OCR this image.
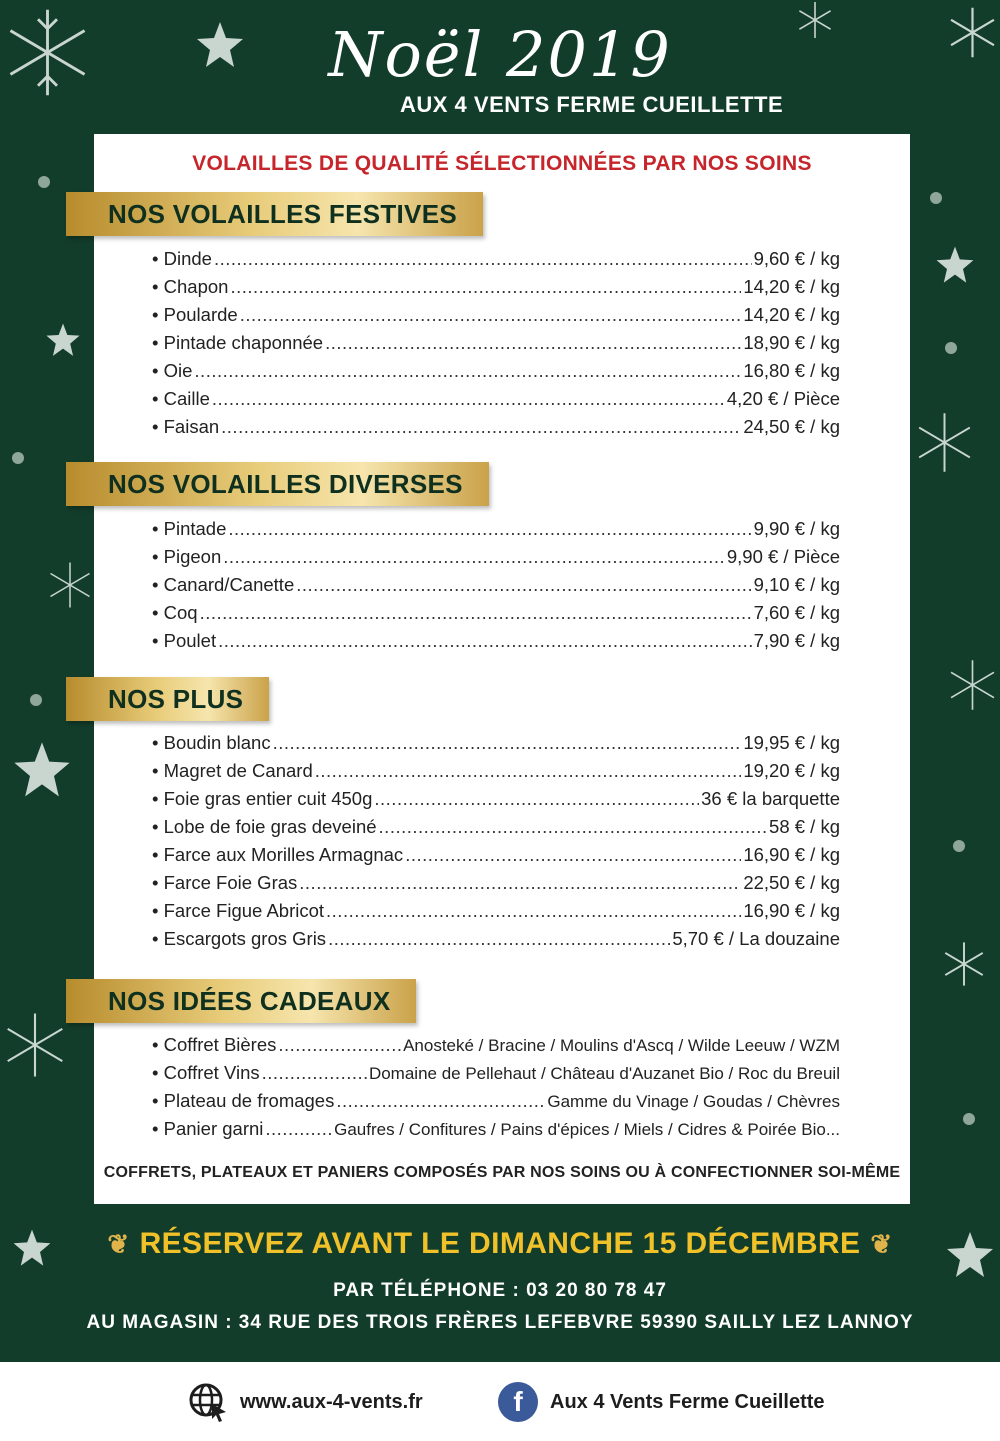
Noël 2019
AUX 4 VENTS FERME CUEILLETTE
VOLAILLES DE QUALITÉ SÉLECTIONNÉES PAR NOS SOINS
NOS VOLAILLES FESTIVES
• Dinde .....	9,60 € / kg
• Chapon .....	14,20 € / kg
• Poularde .....	14,20 € / kg
• Pintade chaponnée .....	18,90 € / kg
• Oie .....	16,80 € / kg
• Caille .....	4,20 € / Pièce
• Faisan .....	24,50 € / kg
NOS VOLAILLES DIVERSES
• Pintade .....	9,90 € / kg
• Pigeon .....	9,90 € / Pièce
• Canard/Canette .....	9,10 € / kg
• Coq .....	7,60 € / kg
• Poulet .....	7,90 € / kg
NOS PLUS
• Boudin blanc .....	19,95 € / kg
• Magret de Canard .....	19,20 € / kg
• Foie gras entier cuit 450g .....	36 € la barquette
• Lobe de foie gras deveiné .....	58 € / kg
• Farce aux Morilles Armagnac .....	16,90 € / kg
• Farce Foie Gras .....	22,50 € / kg
• Farce Figue Abricot .....	16,90 € / kg
• Escargots gros Gris .....	5,70 € / La douzaine
NOS IDÉES CADEAUX
• Coffret Bières .....	Anosteké / Bracine / Moulins d'Ascq / Wilde Leeuw / WZM
• Coffret Vins .....	Domaine de Pellehaut / Château d'Auzanet Bio / Roc du Breuil
• Plateau de fromages .....	Gamme du Vinage / Goudas / Chèvres
• Panier garni .....	Gaufres / Confitures / Pains d'épices / Miels / Cidres & Poirée Bio...
COFFRETS, PLATEAUX ET PANIERS COMPOSÉS PAR NOS SOINS OU À CONFECTIONNER SOI-MÊME
❦ RÉSERVEZ AVANT LE DIMANCHE 15 DÉCEMBRE ❦
PAR TÉLÉPHONE : 03 20 80 78 47
AU MAGASIN : 34 RUE DES TROIS FRÈRES LEFEBVRE 59390 SAILLY LEZ LANNOY
www.aux-4-vents.fr	f	Aux 4 Vents Ferme Cueillette
